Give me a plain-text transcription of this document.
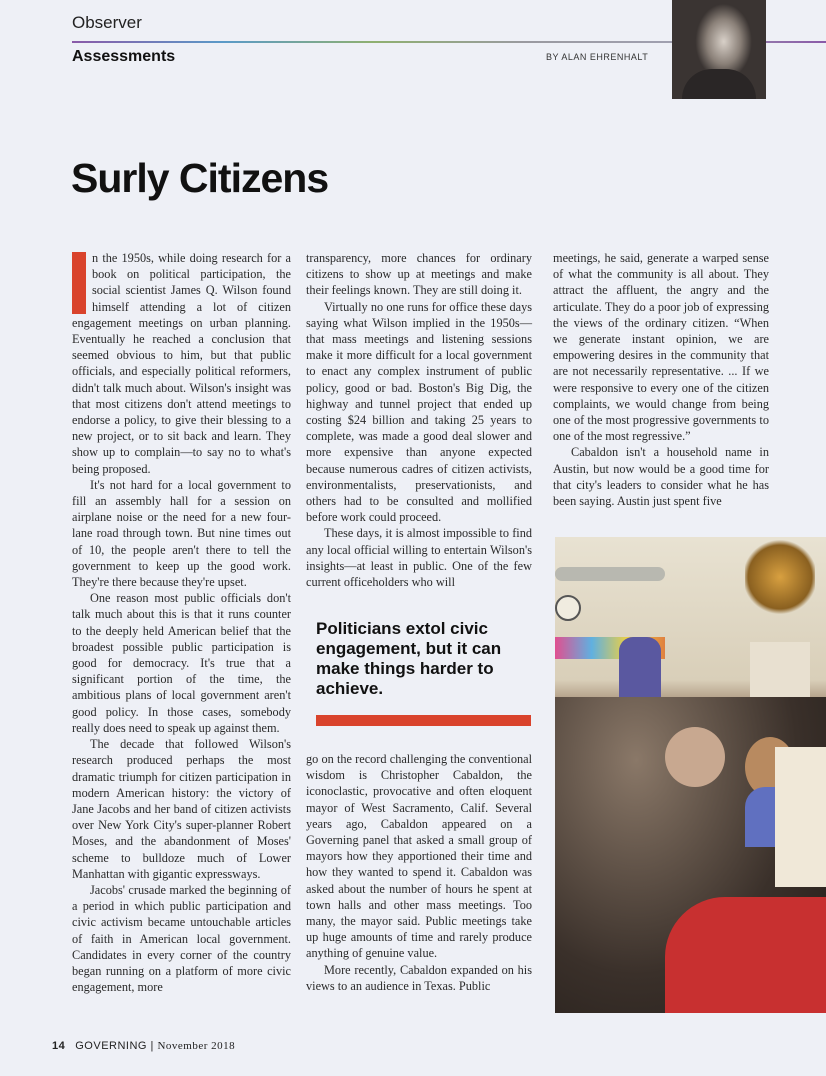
Observer
Assessments	BY ALAN EHRENHALT
Surly Citizens

n the 1950s, while doing research for a book on political participation, the social scientist James Q. Wilson found himself attending a lot of citizen engagement meetings on urban planning. Eventually he reached a conclusion that seemed obvious to him, but that public officials, and especially political reformers, didn't talk much about. Wilson's insight was that most citizens don't attend meetings to endorse a policy, to give their blessing to a new project, or to sit back and learn. They show up to complain—to say no to what's being proposed.

It's not hard for a local government to fill an assembly hall for a session on airplane noise or the need for a new four-lane road through town. But nine times out of 10, the people aren't there to tell the government to keep up the good work. They're there because they're upset.

One reason most public officials don't talk much about this is that it runs counter to the deeply held American belief that the broadest possible public participation is good for democracy. It's true that a significant portion of the time, the ambitious plans of local government aren't good policy. In those cases, somebody really does need to speak up against them.

The decade that followed Wilson's research produced perhaps the most dramatic triumph for citizen participation in modern American history: the victory of Jane Jacobs and her band of citizen activists over New York City's super-planner Robert Moses, and the abandonment of Moses' scheme to bulldoze much of Lower Manhattan with gigantic expressways.

Jacobs' crusade marked the beginning of a period in which public participation and civic activism became untouchable articles of faith in American local government. Candidates in every corner of the country began running on a platform of more civic engagement, more

transparency, more chances for ordinary citizens to show up at meetings and make their feelings known. They are still doing it.

Virtually no one runs for office these days saying what Wilson implied in the 1950s—that mass meetings and listening sessions make it more difficult for a local government to enact any complex instrument of public policy, good or bad. Boston's Big Dig, the highway and tunnel project that ended up costing $24 billion and taking 25 years to complete, was made a good deal slower and more expensive than anyone expected because numerous cadres of citizen activists, environmentalists, preservationists, and others had to be consulted and mollified before work could proceed.

These days, it is almost impossible to find any local official willing to entertain Wilson's insights—at least in public. One of the few current officeholders who will

Politicians extol civic engagement, but it can make things harder to achieve.

go on the record challenging the conventional wisdom is Christopher Cabaldon, the iconoclastic, provocative and often eloquent mayor of West Sacramento, Calif. Several years ago, Cabaldon appeared on a Governing panel that asked a small group of mayors how they apportioned their time and how they wanted to spend it. Cabaldon was asked about the number of hours he spent at town halls and other mass meetings. Too many, the mayor said. Public meetings take up huge amounts of time and rarely produce anything of genuine value.

More recently, Cabaldon expanded on his views to an audience in Texas. Public

meetings, he said, generate a warped sense of what the community is all about. They attract the affluent, the angry and the articulate. They do a poor job of expressing the views of the ordinary citizen. “When we generate instant opinion, we are empowering desires in the community that are not necessarily representative. ... If we were responsive to every one of the citizen complaints, we would change from being one of the most progressive governments to one of the most regressive.”

Cabaldon isn't a household name in Austin, but now would be a good time for that city's leaders to consider what he has been saying. Austin just spent five

14 GOVERNING | November 2018
